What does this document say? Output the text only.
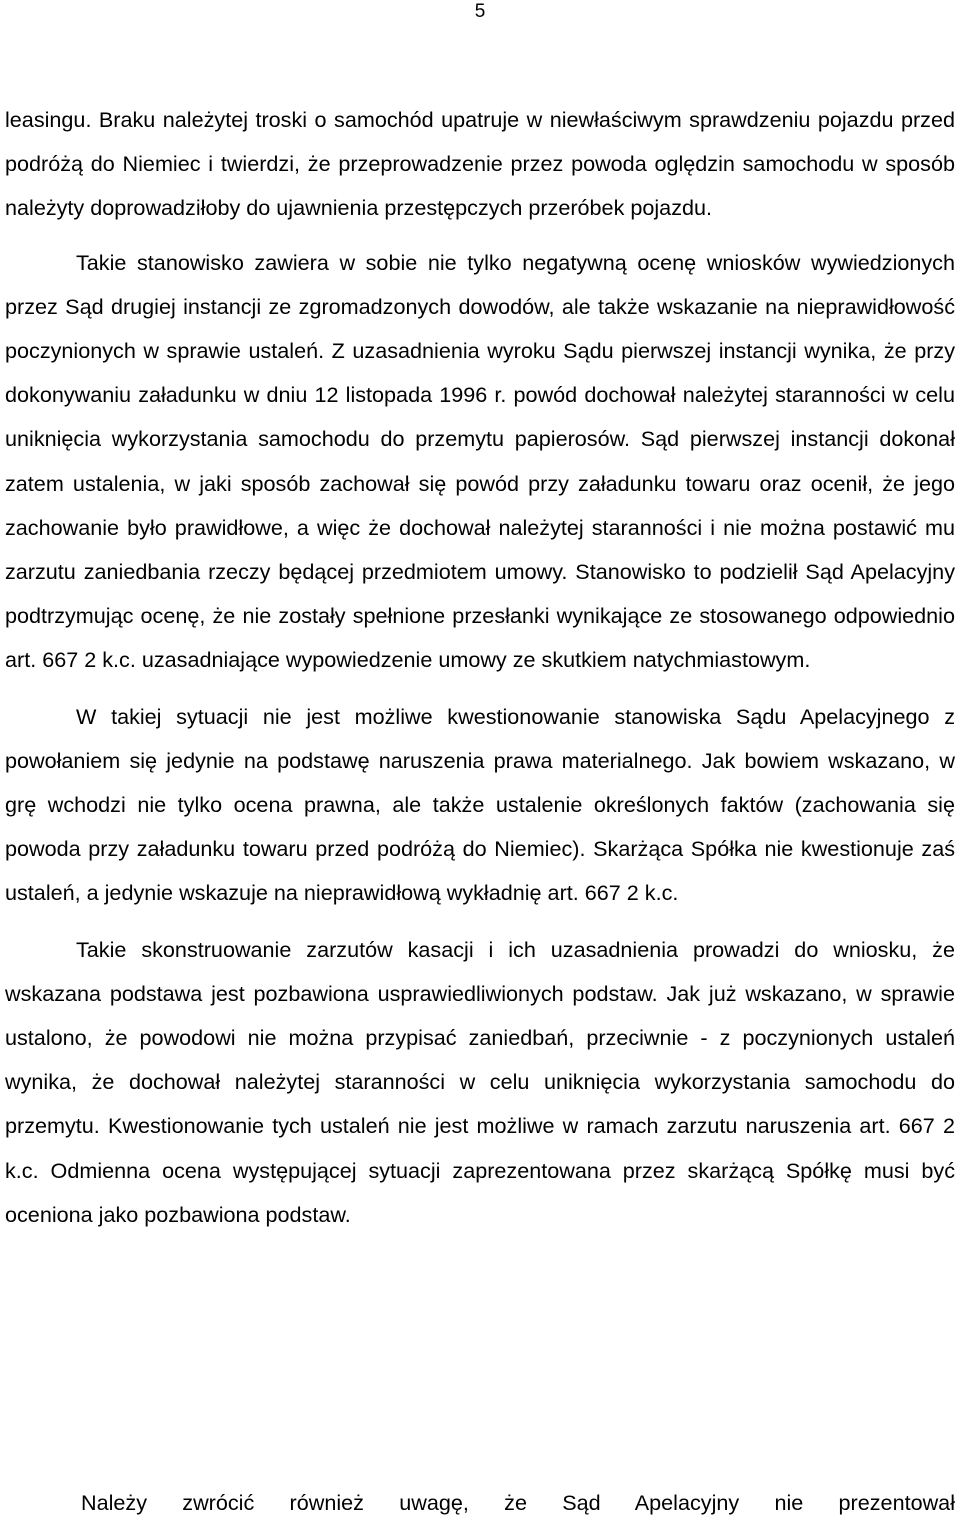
5

leasingu. Braku należytej troski o samochód upatruje w niewłaściwym sprawdzeniu pojazdu przed podróżą do Niemiec i twierdzi, że przeprowadzenie przez powoda oględzin samochodu w sposób należyty doprowadziłoby do ujawnienia przestępczych przeróbek pojazdu.

Takie stanowisko zawiera w sobie nie tylko negatywną ocenę wniosków wywiedzionych przez Sąd drugiej instancji ze zgromadzonych dowodów, ale także wskazanie na nieprawidłowość poczynionych w sprawie ustaleń. Z uzasadnienia wyroku Sądu pierwszej instancji wynika, że przy dokonywaniu załadunku w dniu 12 listopada 1996 r. powód dochował należytej staranności w celu uniknięcia wykorzystania samochodu do przemytu papierosów. Sąd pierwszej instancji dokonał zatem ustalenia, w jaki sposób zachował się powód przy załadunku towaru oraz ocenił, że jego zachowanie było prawidłowe, a więc że dochował należytej staranności i nie można postawić mu zarzutu zaniedbania rzeczy będącej przedmiotem umowy. Stanowisko to podzielił Sąd Apelacyjny podtrzymując ocenę, że nie zostały spełnione przesłanki wynikające ze stosowanego odpowiednio art. 667 2 k.c. uzasadniające wypowiedzenie umowy ze skutkiem natychmiastowym.

W takiej sytuacji nie jest możliwe kwestionowanie stanowiska Sądu Apelacyjnego z powołaniem się jedynie na podstawę naruszenia prawa materialnego. Jak bowiem wskazano, w grę wchodzi nie tylko ocena prawna, ale także ustalenie określonych faktów (zachowania się powoda przy załadunku towaru przed podróżą do Niemiec). Skarżąca Spółka nie kwestionuje zaś ustaleń, a jedynie wskazuje na nieprawidłową wykładnię art. 667 2 k.c.

Takie skonstruowanie zarzutów kasacji i ich uzasadnienia prowadzi do wniosku, że wskazana podstawa jest pozbawiona usprawiedliwionych podstaw. Jak już wskazano, w sprawie ustalono, że powodowi nie można przypisać zaniedbań, przeciwnie - z poczynionych ustaleń wynika, że dochował należytej staranności w celu uniknięcia wykorzystania samochodu do przemytu. Kwestionowanie tych ustaleń nie jest możliwe w ramach zarzutu naruszenia art. 667 2 k.c. Odmienna ocena występującej sytuacji zaprezentowana przez skarżącą Spółkę musi być oceniona jako pozbawiona podstaw.

Należy zwrócić również uwagę, że Sąd Apelacyjny nie prezentował
